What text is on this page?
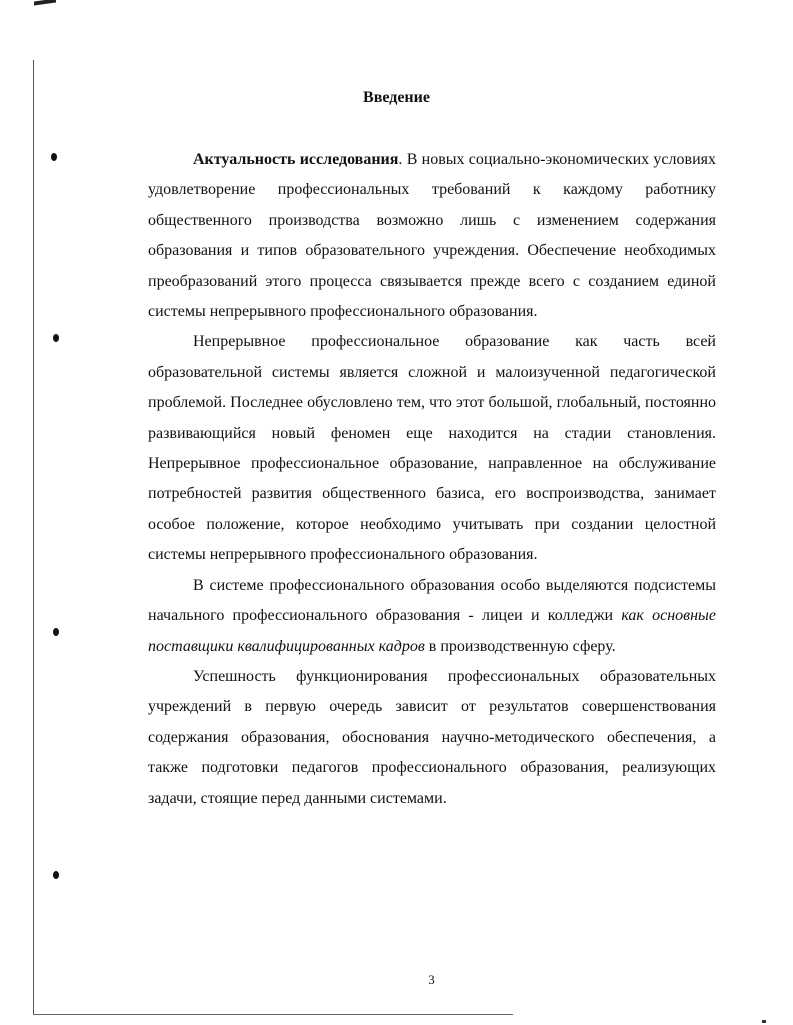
Введение

Актуальность исследования. В новых социально-экономических условиях удовлетворение профессиональных требований к каждому работнику общественного производства возможно лишь с изменением содержания образования и типов образовательного учреждения. Обеспечение необходимых преобразований этого процесса связывается прежде всего с созданием единой системы непрерывного профессионального образования.

Непрерывное профессиональное образование как часть всей образовательной системы является сложной и малоизученной педагогической проблемой. Последнее обусловлено тем, что этот большой, глобальный, постоянно развивающийся новый феномен еще находится на стадии становления. Непрерывное профессиональное образование, направленное на обслуживание потребностей развития общественного базиса, его воспроизводства, занимает особое положение, которое необходимо учитывать при создании целостной системы непрерывного профессионального образования.

В системе профессионального образования особо выделяются подсистемы начального профессионального образования - лицеи и колледжи как основные поставщики квалифицированных кадров в производственную сферу.

Успешность функционирования профессиональных образовательных учреждений в первую очередь зависит от результатов совершенствования содержания образования, обоснования научно-методического обеспечения, а также подготовки педагогов профессионального образования, реализующих задачи, стоящие перед данными системами.

3
